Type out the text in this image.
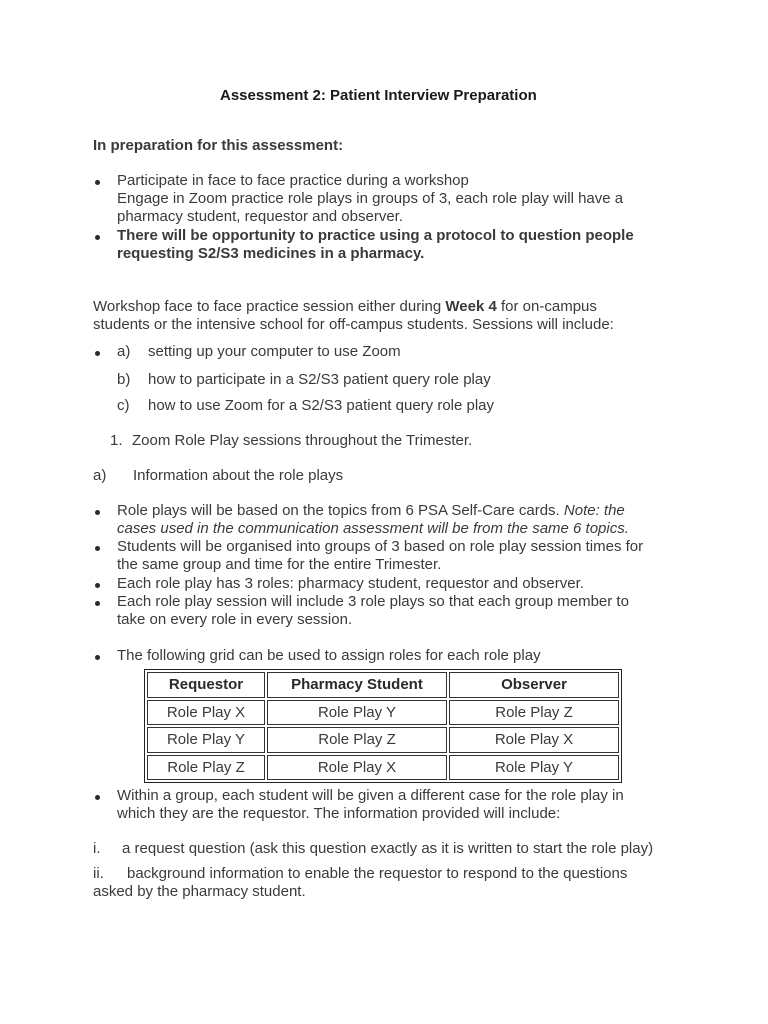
Assessment 2: Patient Interview Preparation
In preparation for this assessment:
Participate in face to face practice during a workshop
Engage in Zoom practice role plays in groups of 3, each role play will have a
pharmacy student, requestor and observer.
There will be opportunity to practice using a protocol to question people
requesting S2/S3 medicines in a pharmacy.
Workshop face to face practice session either during Week 4 for on-campus
students or the intensive school for off-campus students. Sessions will include:
a) setting up your computer to use Zoom
b) how to participate in a S2/S3 patient query role play
c) how to use Zoom for a S2/S3 patient query role play
1. Zoom Role Play sessions throughout the Trimester.
a) Information about the role plays
Role plays will be based on the topics from 6 PSA Self-Care cards. Note: the
cases used in the communication assessment will be from the same 6 topics.
Students will be organised into groups of 3 based on role play session times for
the same group and time for the entire Trimester.
Each role play has 3 roles: pharmacy student, requestor and observer.
Each role play session will include 3 role plays so that each group member to
take on every role in every session.
The following grid can be used to assign roles for each role play
Requestor	Pharmacy Student	Observer
Role Play X	Role Play Y	Role Play Z
Role Play Y	Role Play Z	Role Play X
Role Play Z	Role Play X	Role Play Y
Within a group, each student will be given a different case for the role play in
which they are the requestor. The information provided will include:
i. a request question (ask this question exactly as it is written to start the role play)
ii. background information to enable the requestor to respond to the questions
asked by the pharmacy student.
